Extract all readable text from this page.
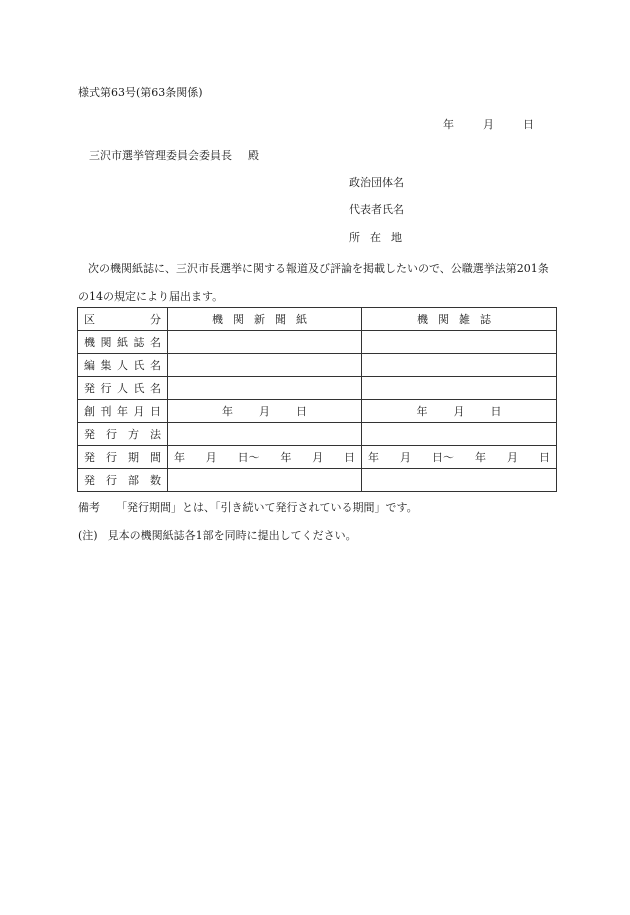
様式第63号(第63条関係)
年	月	日
三沢市選挙管理委員会委員長 殿
政治団体名
代表者氏名
所在地
次の機関紙誌に、三沢市長選挙に関する報道及び評論を掲載したいので、公職選挙法第201条の14の規定により届出ます。
区分	機関新聞紙	機関雑誌
機関紙誌名		
編集人氏名		
発行人氏名		
創刊年月日	年 月 日	年 月 日
発行方法		
発行期間	年 月 日～ 年 月 日	年 月 日～ 年 月 日
発行部数		
備考 「発行期間」とは、「引き続いて発行されている期間」です。
(注) 見本の機関紙誌各1部を同時に提出してください。
